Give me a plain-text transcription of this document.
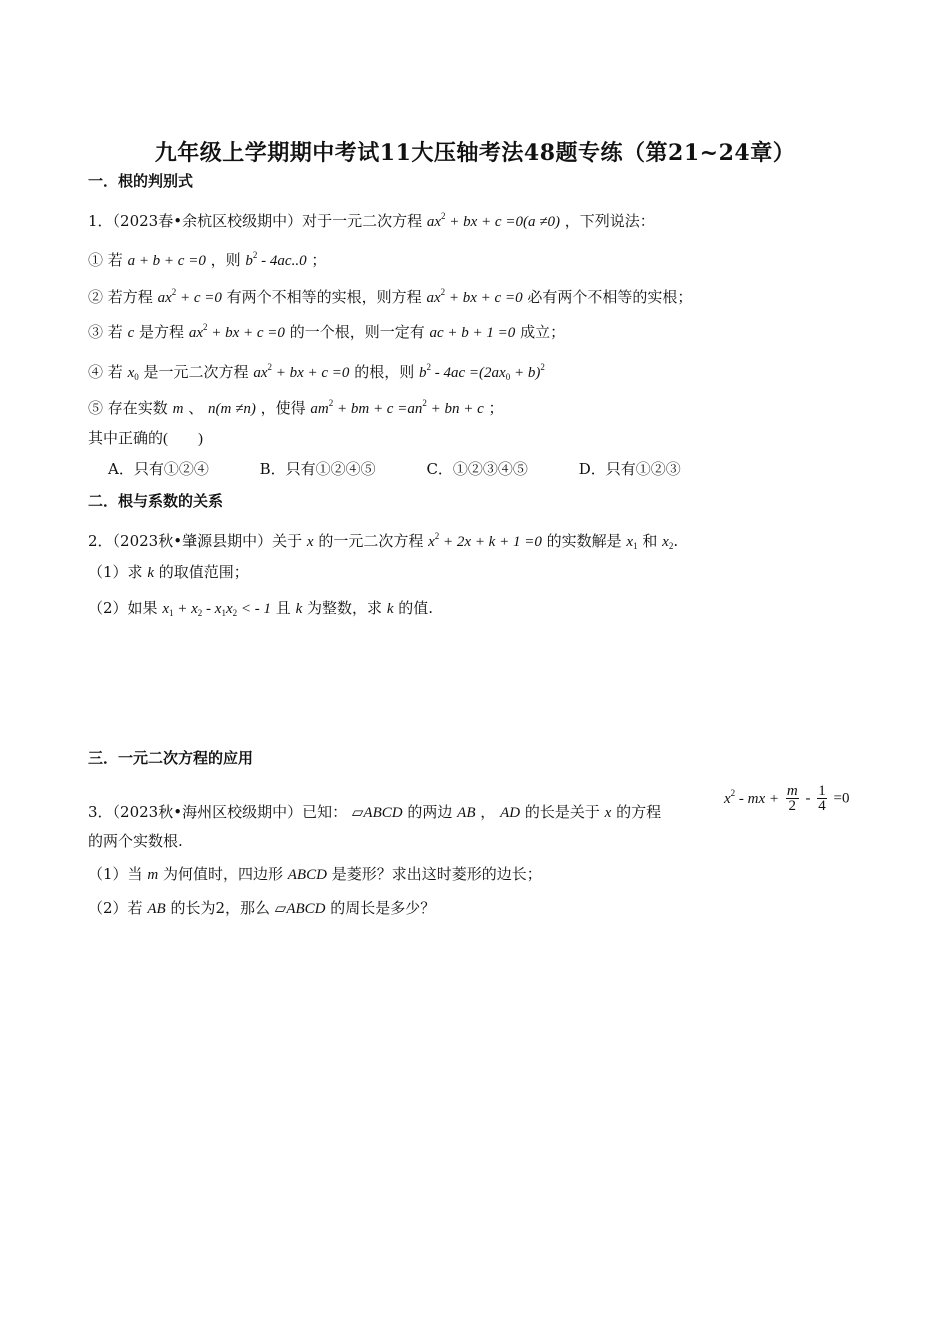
九年级上学期期中考试11大压轴考法48题专练（第21~24章）
一．根的判别式
1．（2023春•余杭区校级期中）对于一元二次方程 $ax^2$ + bx + c =0(a ≠0) ，下列说法：
① 若 a + b + c =0 ，则 $b^2 - 4ac..0$ ；
② 若方程 $ax^2 + c =0$ 有两个不相等的实根，则方程 $ax^2$ + bx + c =0 必有两个不相等的实根；
③ 若 c 是方程 $ax^2$ + bx + c =0 的一个根，则一定有 ac + b + 1 =0 成立；
④ 若 $x_0$ 是一元二次方程 $ax^2$ + bx + c =0 的根，则 $b^2 - 4ac =(2ax_0 + b)^2$
⑤ 存在实数 m 、 n(m ≠n) ，使得 $am^2$ + bm + $c =an^2$ + bn + c ；
其中正确的(        )
A．只有①②④	B．只有①②④⑤	C．①②③④⑤	D．只有①②③
二．根与系数的关系
2．（2023秋•肇源县期中）关于 x 的一元二次方程 $x^2 + 2x + k + 1 =0$ 的实数解是 $x_1$ 和 $x_2$.
（1）求 k 的取值范围；
（2）如果 $x_1 + x_2 - x_1x_2$ < - 1 且 k 为整数，求 k 的值.
三．一元二次方程的应用
$x^2$ - mx + $\frac{m}{2} - \frac{1}{4} =0$
3．（2023秋•海州区校级期中）已知： ▱ABCD 的两边 AB ， AD 的长是关于 x 的方程
的两个实数根.
（1）当 m 为何值时，四边形 ABCD 是菱形？求出这时菱形的边长；
（2）若 AB 的长为2，那么 ▱ABCD 的周长是多少？
